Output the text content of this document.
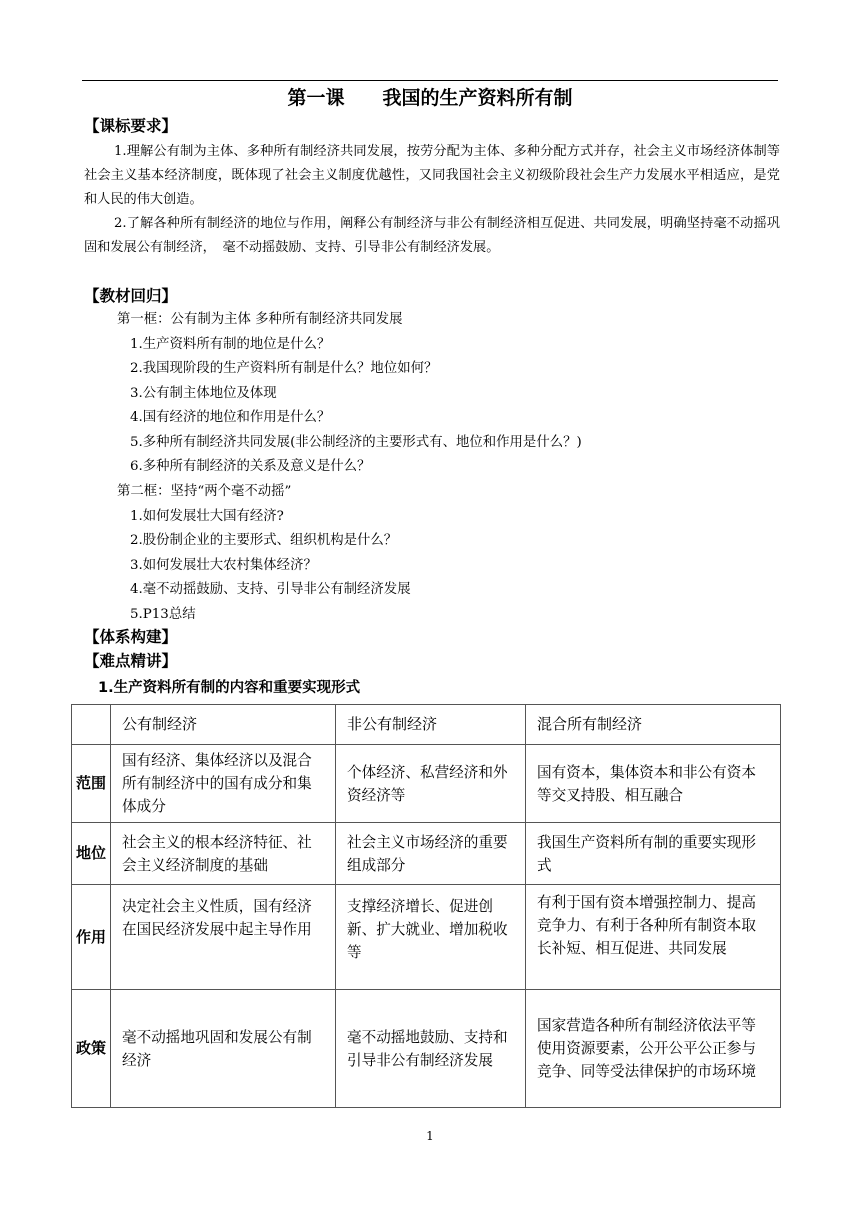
第一课　　我国的生产资料所有制
【课标要求】
1.理解公有制为主体、多种所有制经济共同发展，按劳分配为主体、多种分配方式并存，社会主义市场经济体制等社会主义基本经济制度，既体现了社会主义制度优越性，又同我国社会主义初级阶段社会生产力发展水平相适应，是党和人民的伟大创造。
2.了解各种所有制经济的地位与作用，阐释公有制经济与非公有制经济相互促进、共同发展，明确坚持毫不动摇巩固和发展公有制经济，　毫不动摇鼓励、支持、引导非公有制经济发展。
【教材回归】
第一框：公有制为主体 多种所有制经济共同发展
1.生产资料所有制的地位是什么？
2.我国现阶段的生产资料所有制是什么？地位如何？
3.公有制主体地位及体现
4.国有经济的地位和作用是什么？
5.多种所有制经济共同发展(非公制经济的主要形式有、地位和作用是什么？)
6.多种所有制经济的关系及意义是什么？
第二框：坚持“两个毫不动摇”
1.如何发展壮大国有经济?
2.股份制企业的主要形式、组织机构是什么？
3.如何发展壮大农村集体经济？
4.毫不动摇鼓励、支持、引导非公有制经济发展
5.P13总结
【体系构建】
【难点精讲】
1.生产资料所有制的内容和重要实现形式
	公有制经济	非公有制经济	混合所有制经济
范围	国有经济、集体经济以及混合所有制经济中的国有成分和集体成分	个体经济、私营经济和外资经济等	国有资本，集体资本和非公有资本等交叉持股、相互融合
地位	社会主义的根本经济特征、社会主义经济制度的基础	社会主义市场经济的重要组成部分	我国生产资料所有制的重要实现形式
作用	决定社会主义性质，国有经济在国民经济发展中起主导作用	支撑经济增长、促进创新、扩大就业、增加税收等	有利于国有资本增强控制力、提高竞争力、有利于各种所有制资本取长补短、相互促进、共同发展
政策	毫不动摇地巩固和发展公有制经济	毫不动摇地鼓励、支持和引导非公有制经济发展	国家营造各种所有制经济依法平等使用资源要素，公开公平公正参与竞争、同等受法律保护的市场环境
1
